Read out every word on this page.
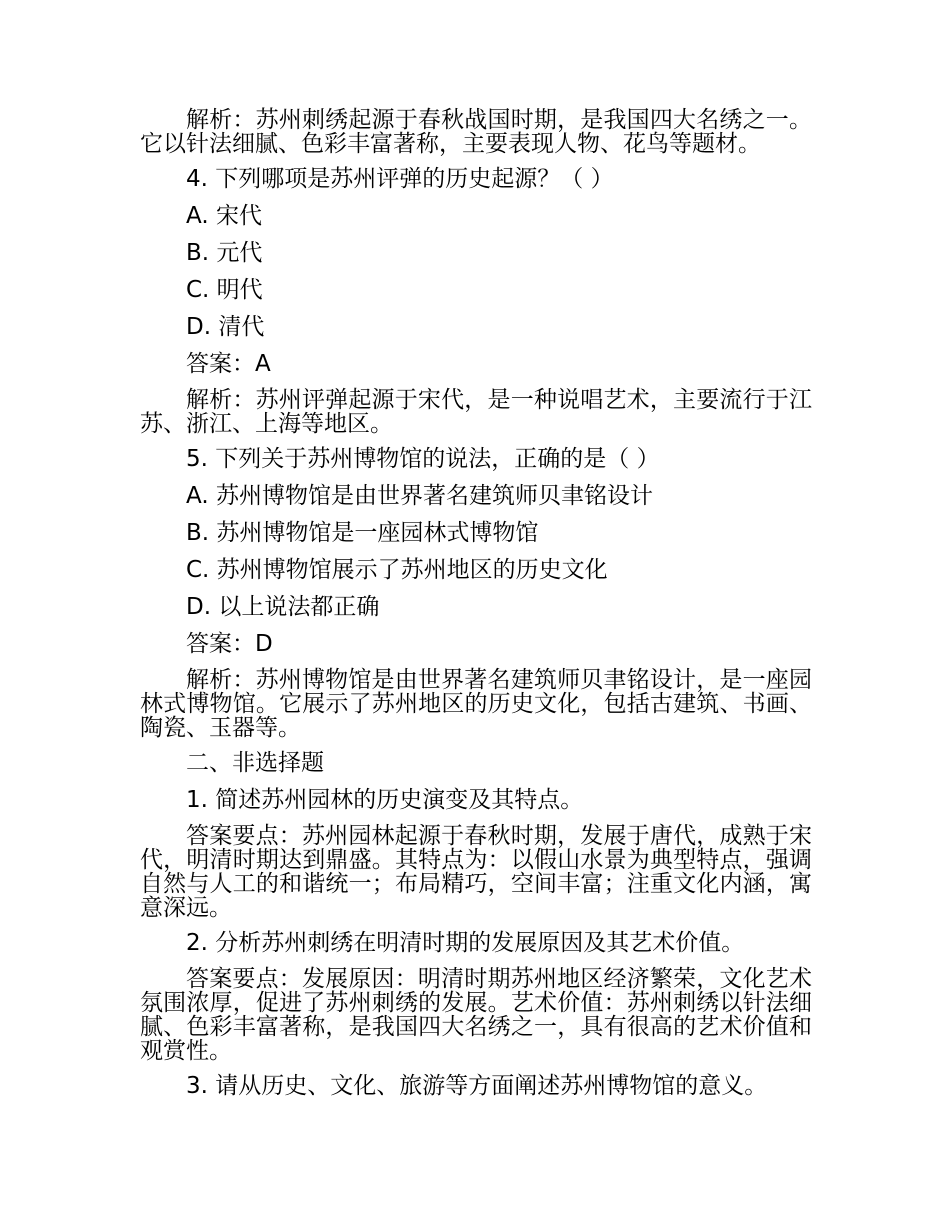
解析：苏州刺绣起源于春秋战国时期，是我国四大名绣之一。它以针法细腻、色彩丰富著称，主要表现人物、花鸟等题材。

4. 下列哪项是苏州评弹的历史起源？（ ）

A. 宋代

B. 元代

C. 明代

D. 清代

答案：A

解析：苏州评弹起源于宋代，是一种说唱艺术，主要流行于江苏、浙江、上海等地区。

5. 下列关于苏州博物馆的说法，正确的是（ ）

A. 苏州博物馆是由世界著名建筑师贝聿铭设计

B. 苏州博物馆是一座园林式博物馆

C. 苏州博物馆展示了苏州地区的历史文化

D. 以上说法都正确

答案：D

解析：苏州博物馆是由世界著名建筑师贝聿铭设计，是一座园林式博物馆。它展示了苏州地区的历史文化，包括古建筑、书画、陶瓷、玉器等。

二、非选择题

1. 简述苏州园林的历史演变及其特点。

答案要点：苏州园林起源于春秋时期，发展于唐代，成熟于宋代，明清时期达到鼎盛。其特点为：以假山水景为典型特点，强调自然与人工的和谐统一；布局精巧，空间丰富；注重文化内涵，寓意深远。

2. 分析苏州刺绣在明清时期的发展原因及其艺术价值。

答案要点：发展原因：明清时期苏州地区经济繁荣，文化艺术氛围浓厚，促进了苏州刺绣的发展。艺术价值：苏州刺绣以针法细腻、色彩丰富著称，是我国四大名绣之一，具有很高的艺术价值和观赏性。

3. 请从历史、文化、旅游等方面阐述苏州博物馆的意义。
